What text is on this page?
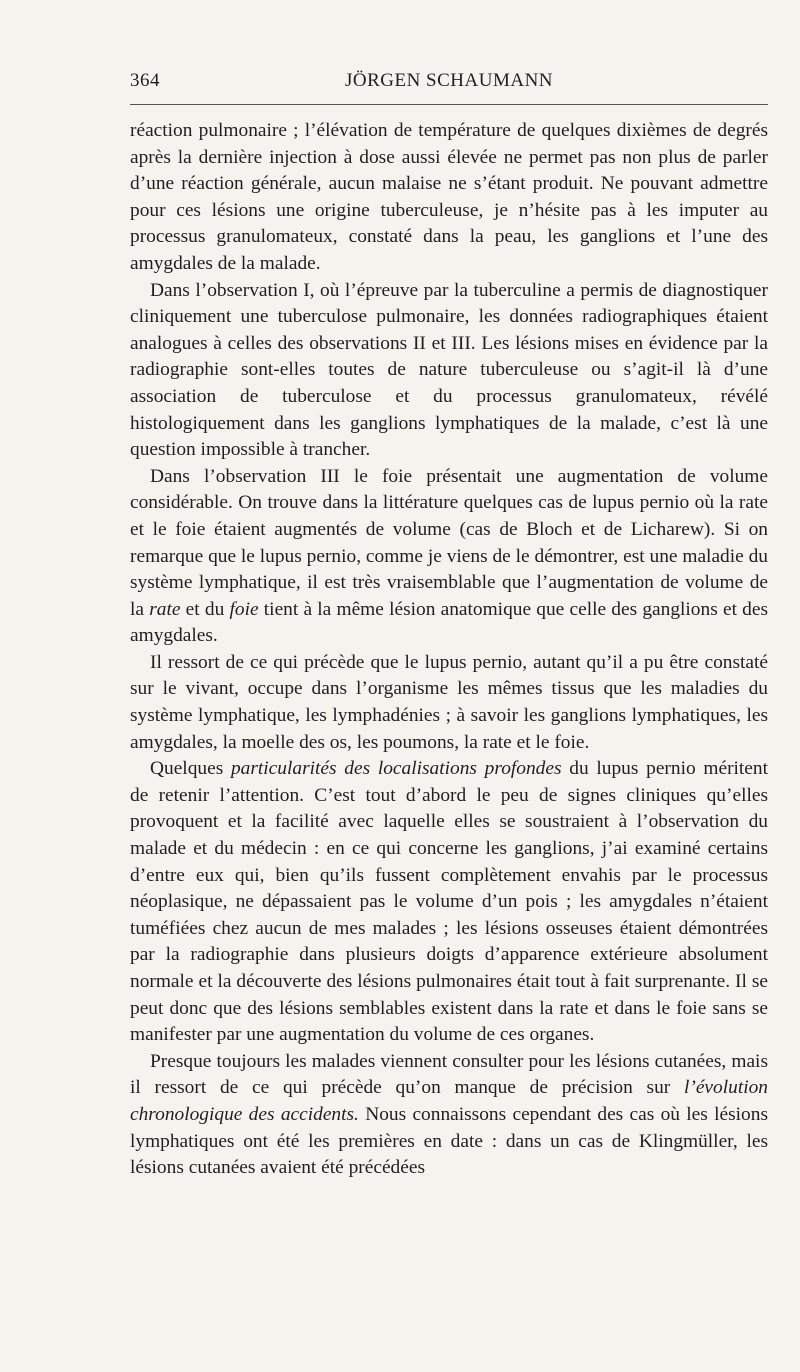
364	JÖRGEN SCHAUMANN

réaction pulmonaire ; l’élévation de température de quelques dixièmes de degrés après la dernière injection à dose aussi élevée ne permet pas non plus de parler d’une réaction générale, aucun malaise ne s’étant produit. Ne pouvant admettre pour ces lésions une origine tuberculeuse, je n’hésite pas à les imputer au processus granulomateux, constaté dans la peau, les ganglions et l’une des amygdales de la malade.

Dans l’observation I, où l’épreuve par la tuberculine a permis de diagnostiquer cliniquement une tuberculose pulmonaire, les données radiographiques étaient analogues à celles des observations II et III. Les lésions mises en évidence par la radiographie sont-elles toutes de nature tuberculeuse ou s’agit-il là d’une association de tuberculose et du processus granulomateux, révélé histologiquement dans les ganglions lymphatiques de la malade, c’est là une question impossible à trancher.

Dans l’observation III le foie présentait une augmentation de volume considérable. On trouve dans la littérature quelques cas de lupus pernio où la rate et le foie étaient augmentés de volume (cas de Bloch et de Licharew). Si on remarque que le lupus pernio, comme je viens de le démontrer, est une maladie du système lymphatique, il est très vraisemblable que l’augmentation de volume de la rate et du foie tient à la même lésion anatomique que celle des ganglions et des amygdales.

Il ressort de ce qui précède que le lupus pernio, autant qu’il a pu être constaté sur le vivant, occupe dans l’organisme les mêmes tissus que les maladies du système lymphatique, les lymphadénies ; à savoir les ganglions lymphatiques, les amygdales, la moelle des os, les poumons, la rate et le foie.

Quelques particularités des localisations profondes du lupus pernio méritent de retenir l’attention. C’est tout d’abord le peu de signes cliniques qu’elles provoquent et la facilité avec laquelle elles se soustraient à l’observation du malade et du médecin : en ce qui concerne les ganglions, j’ai examiné certains d’entre eux qui, bien qu’ils fussent complètement envahis par le processus néoplasique, ne dépassaient pas le volume d’un pois ; les amygdales n’étaient tuméfiées chez aucun de mes malades ; les lésions osseuses étaient démontrées par la radiographie dans plusieurs doigts d’apparence extérieure absolument normale et la découverte des lésions pulmonaires était tout à fait surprenante. Il se peut donc que des lésions semblables existent dans la rate et dans le foie sans se manifester par une augmentation du volume de ces organes.

Presque toujours les malades viennent consulter pour les lésions cutanées, mais il ressort de ce qui précède qu’on manque de précision sur l’évolution chronologique des accidents. Nous connaissons cependant des cas où les lésions lymphatiques ont été les premières en date : dans un cas de Klingmüller, les lésions cutanées avaient été précédées
